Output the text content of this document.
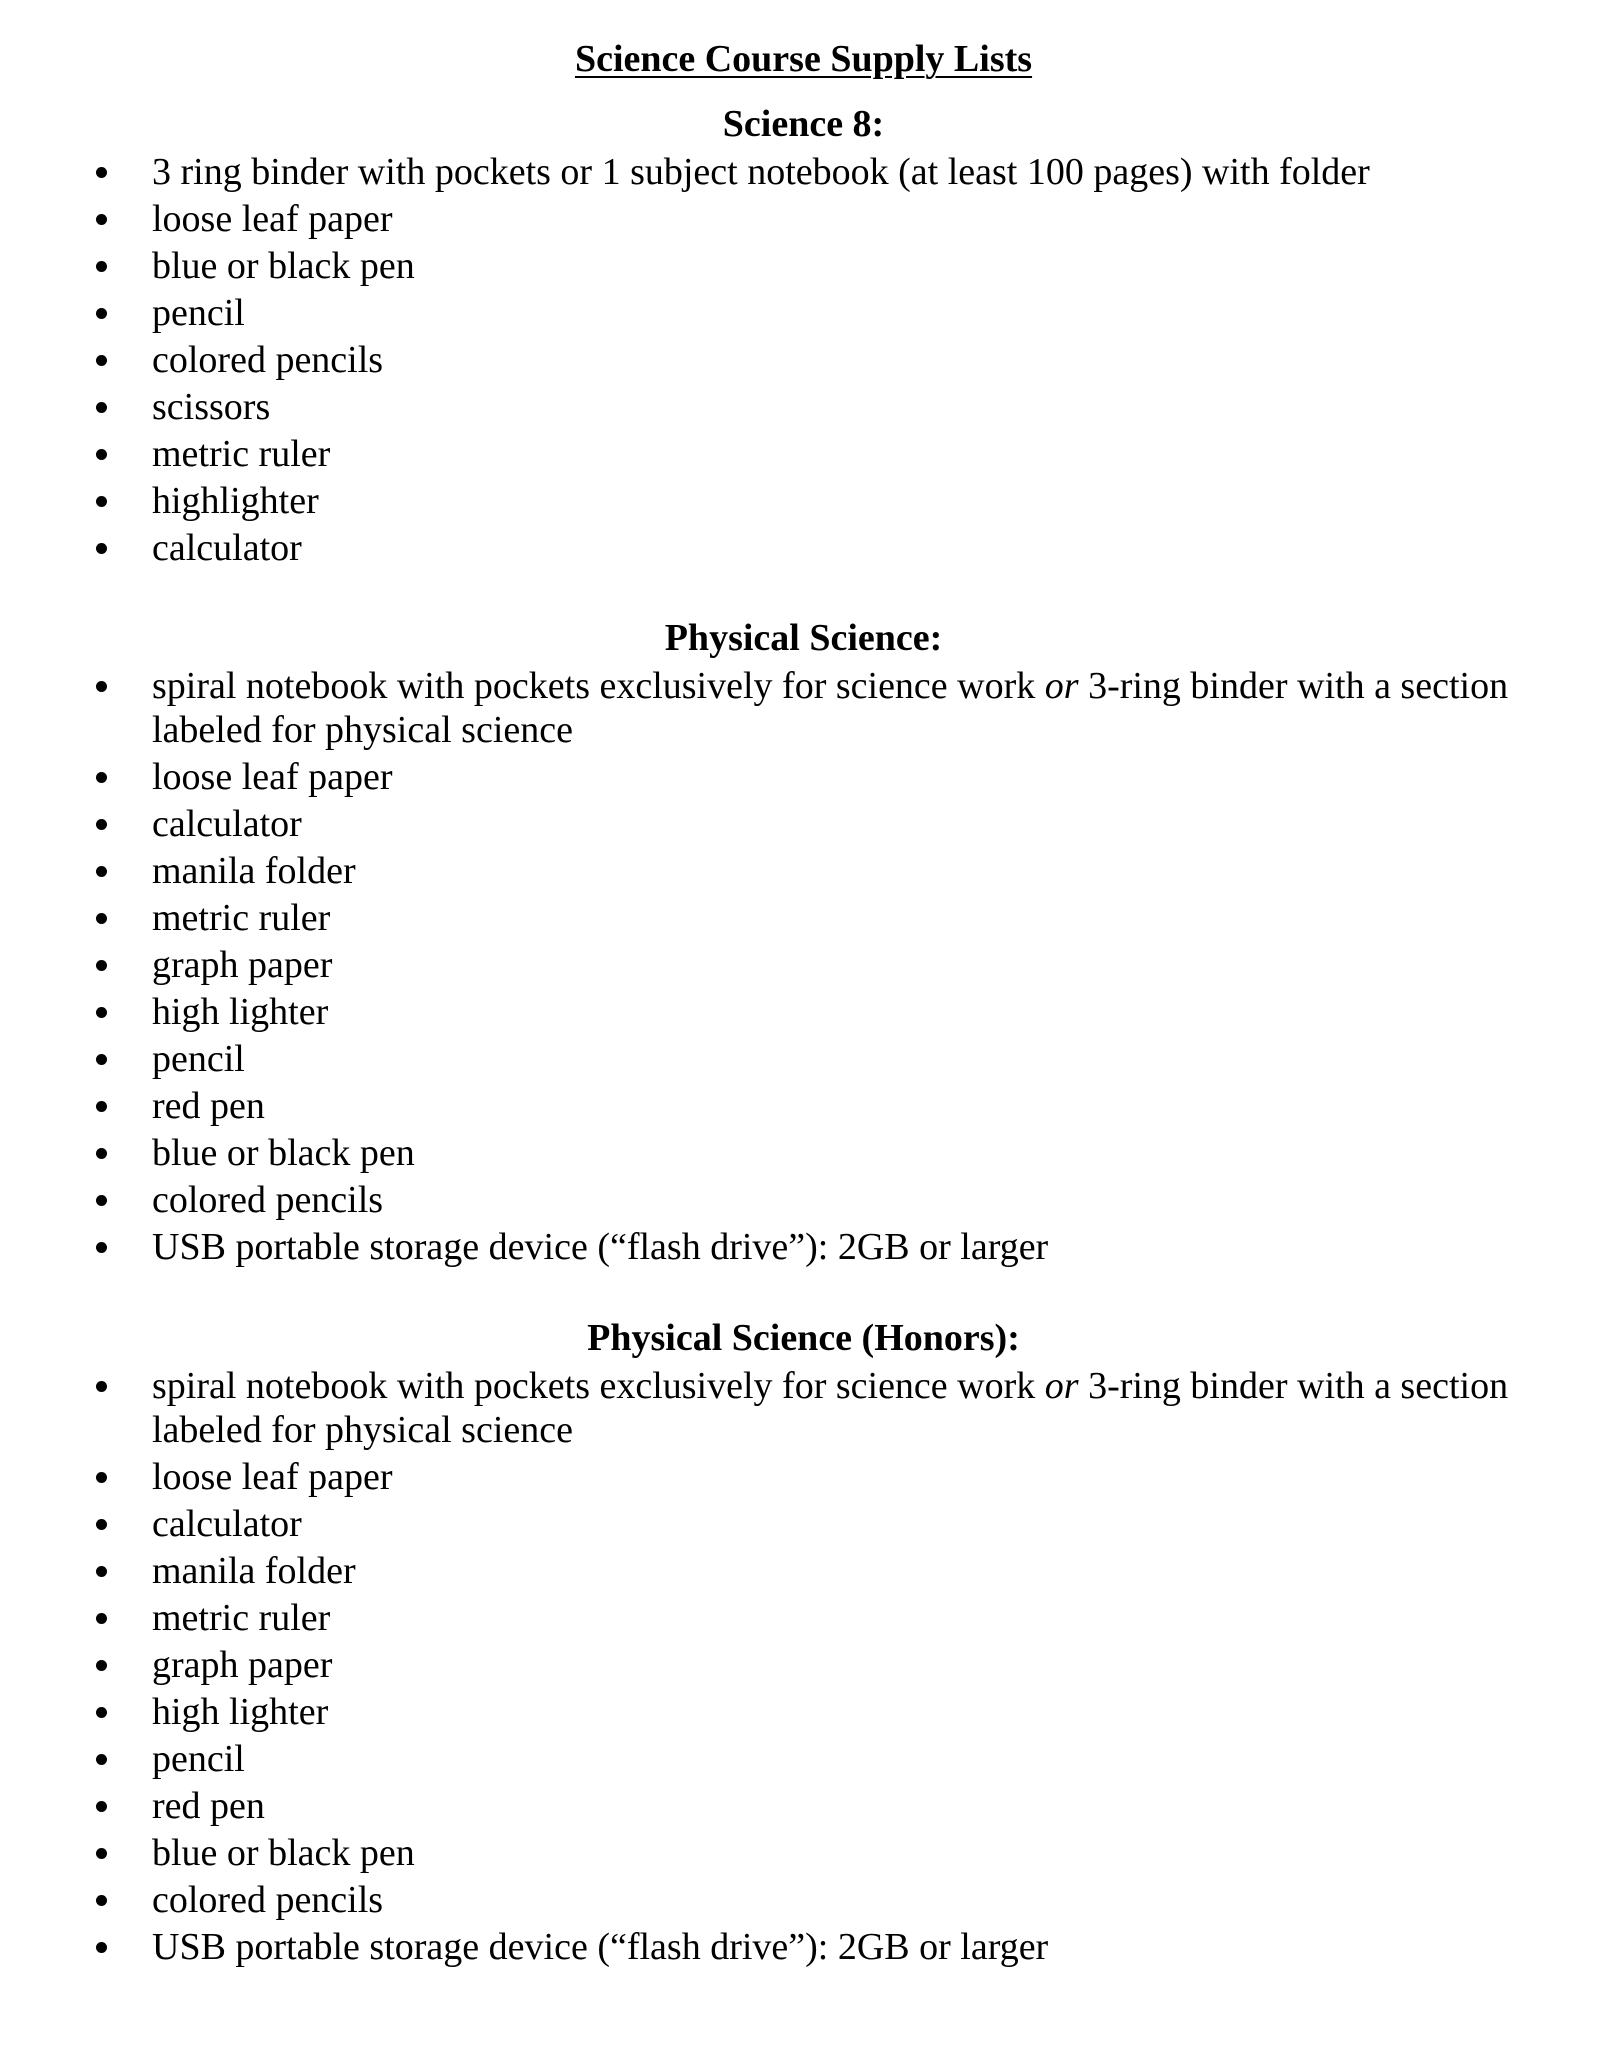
Science Course Supply Lists
Science 8:
3 ring binder with pockets or 1 subject notebook (at least 100 pages) with folder
loose leaf paper
blue or black pen
pencil
colored pencils
scissors
metric ruler
highlighter
calculator
Physical Science:
spiral notebook with pockets exclusively for science work or 3-ring binder with a section labeled for physical science
loose leaf paper
calculator
manila folder
metric ruler
graph paper
high lighter
pencil
red pen
blue or black pen
colored pencils
USB portable storage device (“flash drive”): 2GB or larger
Physical Science (Honors):
spiral notebook with pockets exclusively for science work or 3-ring binder with a section labeled for physical science
loose leaf paper
calculator
manila folder
metric ruler
graph paper
high lighter
pencil
red pen
blue or black pen
colored pencils
USB portable storage device (“flash drive”): 2GB or larger
